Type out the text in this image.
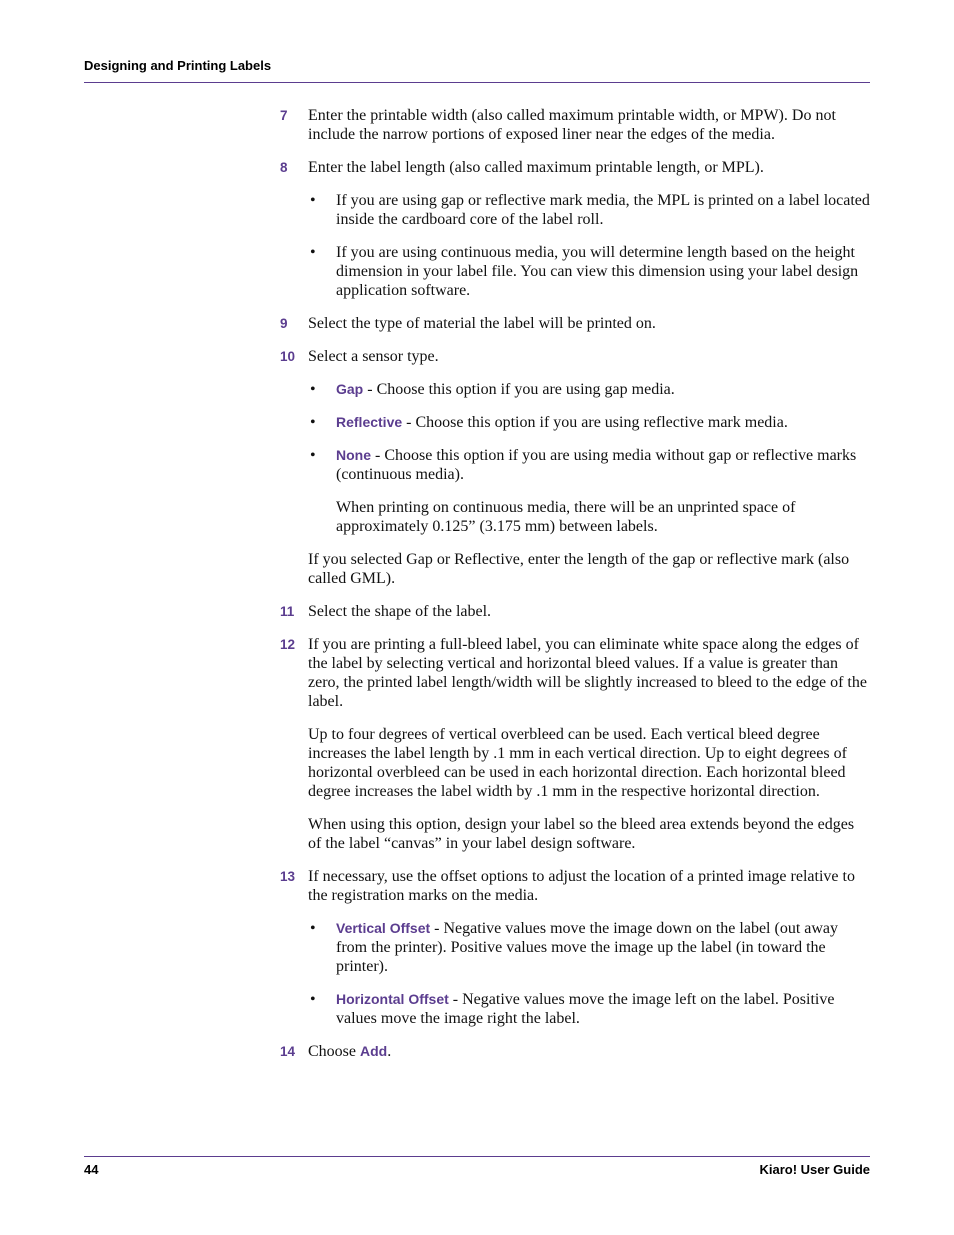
Designing and Printing Labels
7 Enter the printable width (also called maximum printable width, or MPW). Do not include the narrow portions of exposed liner near the edges of the media.
8 Enter the label length (also called maximum printable length, or MPL).
• If you are using gap or reflective mark media, the MPL is printed on a label located inside the cardboard core of the label roll.
• If you are using continuous media, you will determine length based on the height dimension in your label file. You can view this dimension using your label design application software.
9 Select the type of material the label will be printed on.
10 Select a sensor type.
• Gap - Choose this option if you are using gap media.
• Reflective - Choose this option if you are using reflective mark media.
• None - Choose this option if you are using media without gap or reflective marks (continuous media).
When printing on continuous media, there will be an unprinted space of approximately 0.125” (3.175 mm) between labels.
If you selected Gap or Reflective, enter the length of the gap or reflective mark (also called GML).
11 Select the shape of the label.
12 If you are printing a full-bleed label, you can eliminate white space along the edges of the label by selecting vertical and horizontal bleed values. If a value is greater than zero, the printed label length/width will be slightly increased to bleed to the edge of the label.
Up to four degrees of vertical overbleed can be used. Each vertical bleed degree increases the label length by .1 mm in each vertical direction. Up to eight degrees of horizontal overbleed can be used in each horizontal direction. Each horizontal bleed degree increases the label width by .1 mm in the respective horizontal direction.
When using this option, design your label so the bleed area extends beyond the edges of the label “canvas” in your label design software.
13 If necessary, use the offset options to adjust the location of a printed image relative to the registration marks on the media.
• Vertical Offset - Negative values move the image down on the label (out away from the printer). Positive values move the image up the label (in toward the printer).
• Horizontal Offset - Negative values move the image left on the label. Positive values move the image right the label.
14 Choose Add.
44	Kiaro! User Guide
